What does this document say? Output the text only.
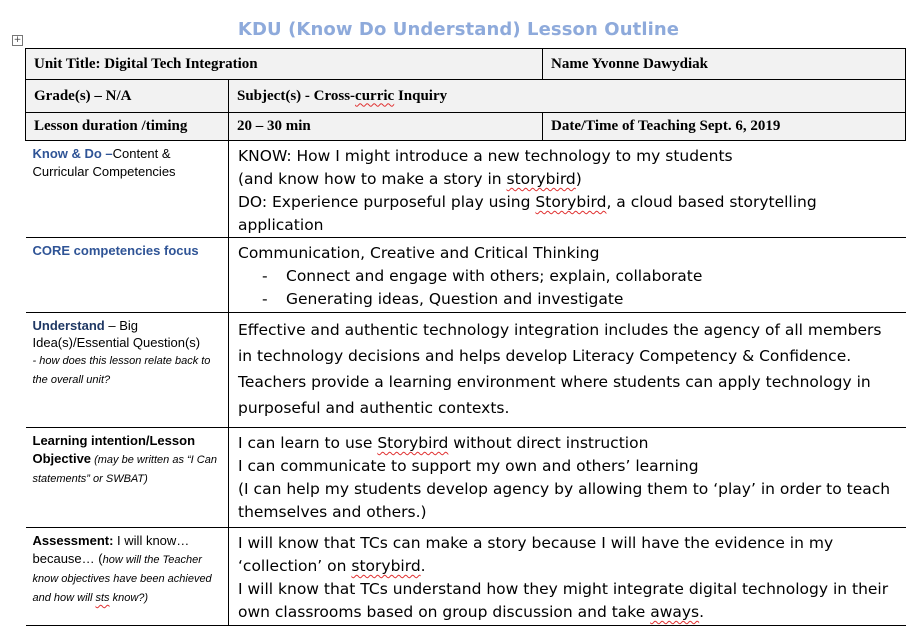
KDU (Know Do Understand) Lesson Outline
+
Unit Title: Digital Tech Integration		Name Yvonne Dawydiak
Grade(s) – N/A	Subject(s) - Cross-curric Inquiry	
Lesson duration /timing	20 – 30 min	Date/Time of Teaching Sept. 6, 2019
Know & Do –Content & Curricular Competencies	KNOW: How I might introduce a new technology to my students
(and know how to make a story in storybird)
DO: Experience purposeful play using Storybird, a cloud based storytelling application	

CORE competencies focus	Communication, Creative and Critical Thinking
- Connect and engage with others; explain, collaborate
- Generating ideas, Question and investigate	

Understand – Big Idea(s)/Essential Question(s)
- how does this lesson relate back to the overall unit?	Effective and authentic technology integration includes the agency of all members in technology decisions and helps develop Literacy Competency & Confidence. Teachers provide a learning environment where students can apply technology in purposeful and authentic contexts.	
Learning intention/Lesson Objective (may be written as “I Can statements” or SWBAT)	I can learn to use Storybird without direct instruction
I can communicate to support my own and others’ learning
(I can help my students develop agency by allowing them to ‘play’ in order to teach themselves and others.)	

Assessment: I will know… because… (how will the Teacher know objectives have been achieved and how will sts know?)	I will know that TCs can make a story because I will have the evidence in my ‘collection’ on storybird.
I will know that TCs understand how they might integrate digital technology in their own classrooms based on group discussion and take aways.	
